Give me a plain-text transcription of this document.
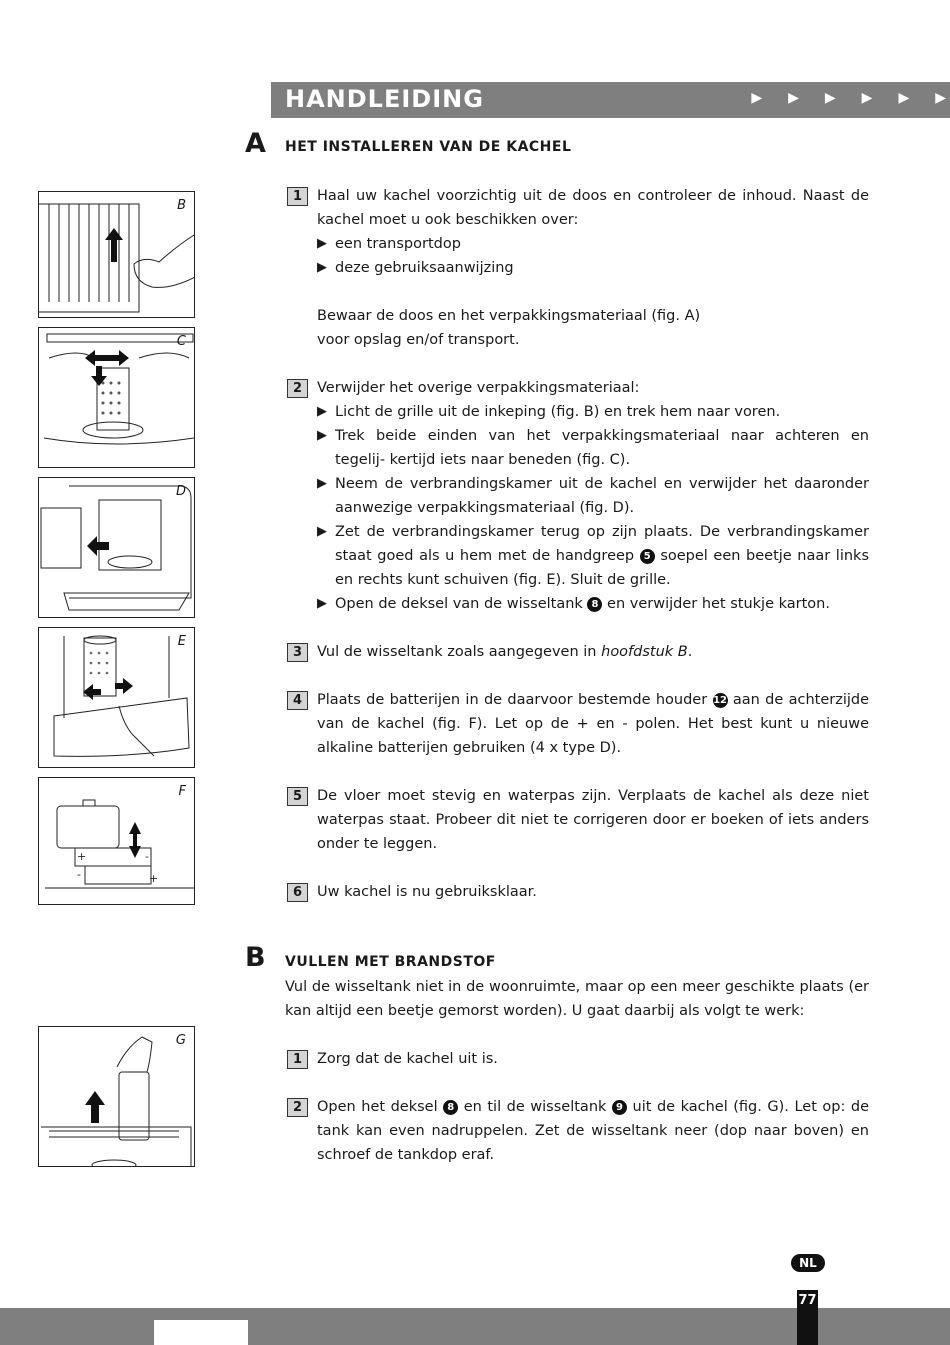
HANDLEIDING	▶ ▶ ▶ ▶ ▶ ▶
A HET INSTALLEREN VAN DE KACHEL
1	Haal uw kachel voorzichtig uit de doos en controleer de inhoud. Naast de kachel moet u ook beschikken over:

▶ een transportdop

▶ deze gebruiksaanwijzing

Bewaar de doos en het verpakkingsmateriaal (fig. A)

voor opslag en/of transport.

2	Verwijder het overige verpakkingsmateriaal:

▶ Licht de grille uit de inkeping (fig. B) en trek hem naar voren.

▶ Trek beide einden van het verpakkingsmateriaal naar achteren en tegelij- kertijd iets naar beneden (fig. C).

▶ Neem de verbrandingskamer uit de kachel en verwijder het daaronder aanwezige verpakkingsmateriaal (fig. D).

▶ Zet de verbrandingskamer terug op zijn plaats. De verbrandingskamer staat goed als u hem met de handgreep 5 soepel een beetje naar links en rechts kunt schuiven (fig. E). Sluit de grille.

▶ Open de deksel van de wisseltank 8 en verwijder het stukje karton.

3	Vul de wisseltank zoals aangegeven in hoofdstuk B.

4	Plaats de batterijen in de daarvoor bestemde houder 12 aan de achterzijde van de kachel (fig. F). Let op de + en - polen. Het best kunt u nieuwe alkaline batterijen gebruiken (4 x type D).

5	De vloer moet stevig en waterpas zijn. Verplaats de kachel als deze niet waterpas staat. Probeer dit niet te corrigeren door er boeken of iets anders onder te leggen.

6	Uw kachel is nu gebruiksklaar.

B VULLEN MET BRANDSTOF

Vul de wisseltank niet in de woonruimte, maar op een meer geschikte plaats (er kan altijd een beetje gemorst worden). U gaat daarbij als volgt te werk:

1	Zorg dat de kachel uit is.

2	Open het deksel 8 en til de wisseltank 9 uit de kachel (fig. G). Let op: de tank kan even nadruppelen. Zet de wisseltank neer (dop naar boven) en schroef de tankdop eraf.

B
C
D
E
+	-
-	+
F
G
NL
77
